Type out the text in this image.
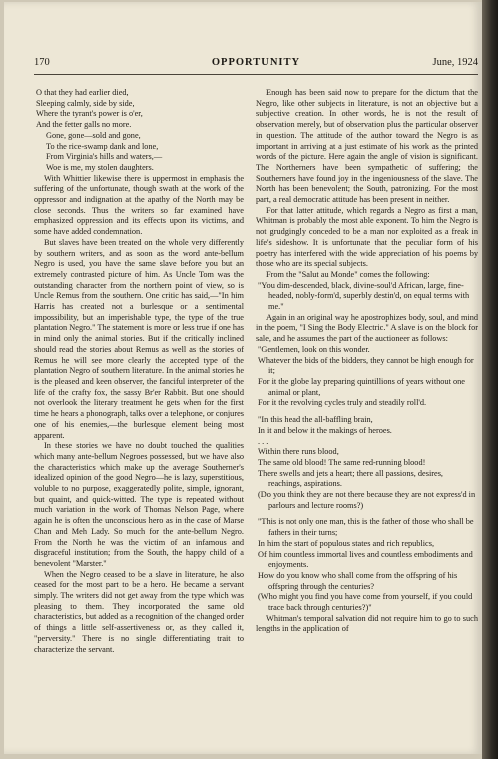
170	OPPORTUNITY	June, 1924
O that they had earlier died,
Sleeping calmly, side by side,
Where the tyrant's power is o'er,
And the fetter galls no more.
Gone, gone—sold and gone,
To the rice-swamp dank and lone,
From Virginia's hills and waters,—
Woe is me, my stolen daughters.

With Whittier likewise there is uppermost in emphasis the suffering of the unfortunate, though swath at the work of the oppressor and indignation at the apathy of the North may be close seconds. Thus the writers so far examined have emphasized oppression and its effects upon its victims, and some have added condemnation.

But slaves have been treated on the whole very differently by southern writers, and as soon as the word ante-bellum Negro is used, you have the same slave before you but an extremely contrasted picture of him. As Uncle Tom was the outstanding character from the northern point of view, so is Uncle Remus from the southern. One critic has said,—"In him Harris has created not a burlesque or a sentimental impossibility, but an imperishable type, the type of the true plantation Negro." The statement is more or less true if one has in mind only the animal stories. But if the critically inclined should read the stories about Remus as well as the stories of Remus he will see more clearly the accepted type of the plantation Negro of southern literature. In the animal stories he is the pleased and keen observer, the fanciful interpreter of the life of the crafty fox, the sassy Br'er Rabbit. But one should not overlook the literary treatment he gets when for the first time he hears a phonograph, talks over a telephone, or conjures one of his enemies,—the burlesque element being most apparent.

In these stories we have no doubt touched the qualities which many ante-bellum Negroes possessed, but we have also the characteristics which make up the average Southerner's idealized opinion of the good Negro—he is lazy, superstitious, voluble to no purpose, exaggeratedly polite, simple, ignorant, but quaint, and quick-witted. The type is repeated without much variation in the work of Thomas Nelson Page, where again he is often the unconscious hero as in the case of Marse Chan and Meh Lady. So much for the ante-bellum Negro. From the North he was the victim of an infamous and disgraceful institution; from the South, the happy child of a benevolent "Marster."

When the Negro ceased to be a slave in literature, he also ceased for the most part to be a hero. He became a servant simply. The writers did not get away from the type which was pleasing to them. They incorporated the same old characteristics, but added as a recognition of the changed order of things a little self-assertiveness or, as they called it, "perversity." There is no single differentiating trait to characterize the servant.

Enough has been said now to prepare for the dictum that the Negro, like other subjects in literature, is not an objective but a subjective creation. In other words, he is not the result of observation merely, but of observation plus the particular observer in question. The attitude of the author toward the Negro is as important in arriving at a just estimate of his work as the printed words of the picture. Here again the angle of vision is significant. The Northerners have been sympathetic of suffering; the Southerners have found joy in the ingeniousness of the slave. The North has been benevolent; the South, patronizing. For the most part, a real democratic attitude has been present in neither.

For that latter attitude, which regards a Negro as first a man, Whitman is probably the most able exponent. To him the Negro is not grudgingly conceded to be a man nor exploited as a freak in life's sideshow. It is unfortunate that the peculiar form of his poetry has interfered with the wide appreciation of his poems by those who are its special subjects.

From the "Salut au Monde" comes the following:

"You dim-descended, black, divine-soul'd African, large, fine-headed, nobly-form'd, superbly destin'd, on equal terms with me."

Again in an original way he apostrophizes body, soul, and mind in the poem, "I Sing the Body Electric." A slave is on the block for sale, and he assumes the part of the auctioneer as follows:

"Gentlemen, look on this wonder.
Whatever the bids of the bidders, they cannot be high enough for it;
For it the globe lay preparing quintillions of years without one animal or plant,
For it the revolving cycles truly and steadily roll'd.
"In this head the all-baffling brain,
In it and below it the makings of heroes.
. . .
Within there runs blood,
The same old blood! The same red-running blood!
There swells and jets a heart; there all passions, desires, reachings, aspirations.
(Do you think they are not there because they are not express'd in parlours and lecture rooms?)
"This is not only one man, this is the father of those who shall be fathers in their turns;
In him the start of populous states and rich republics,
Of him countless immortal lives and countless embodiments and enjoyments.
How do you know who shall come from the offspring of his offspring through the centuries?
(Who might you find you have come from yourself, if you could trace back through centuries?)"

Whitman's temporal salvation did not require him to go to such lengths in the application of
